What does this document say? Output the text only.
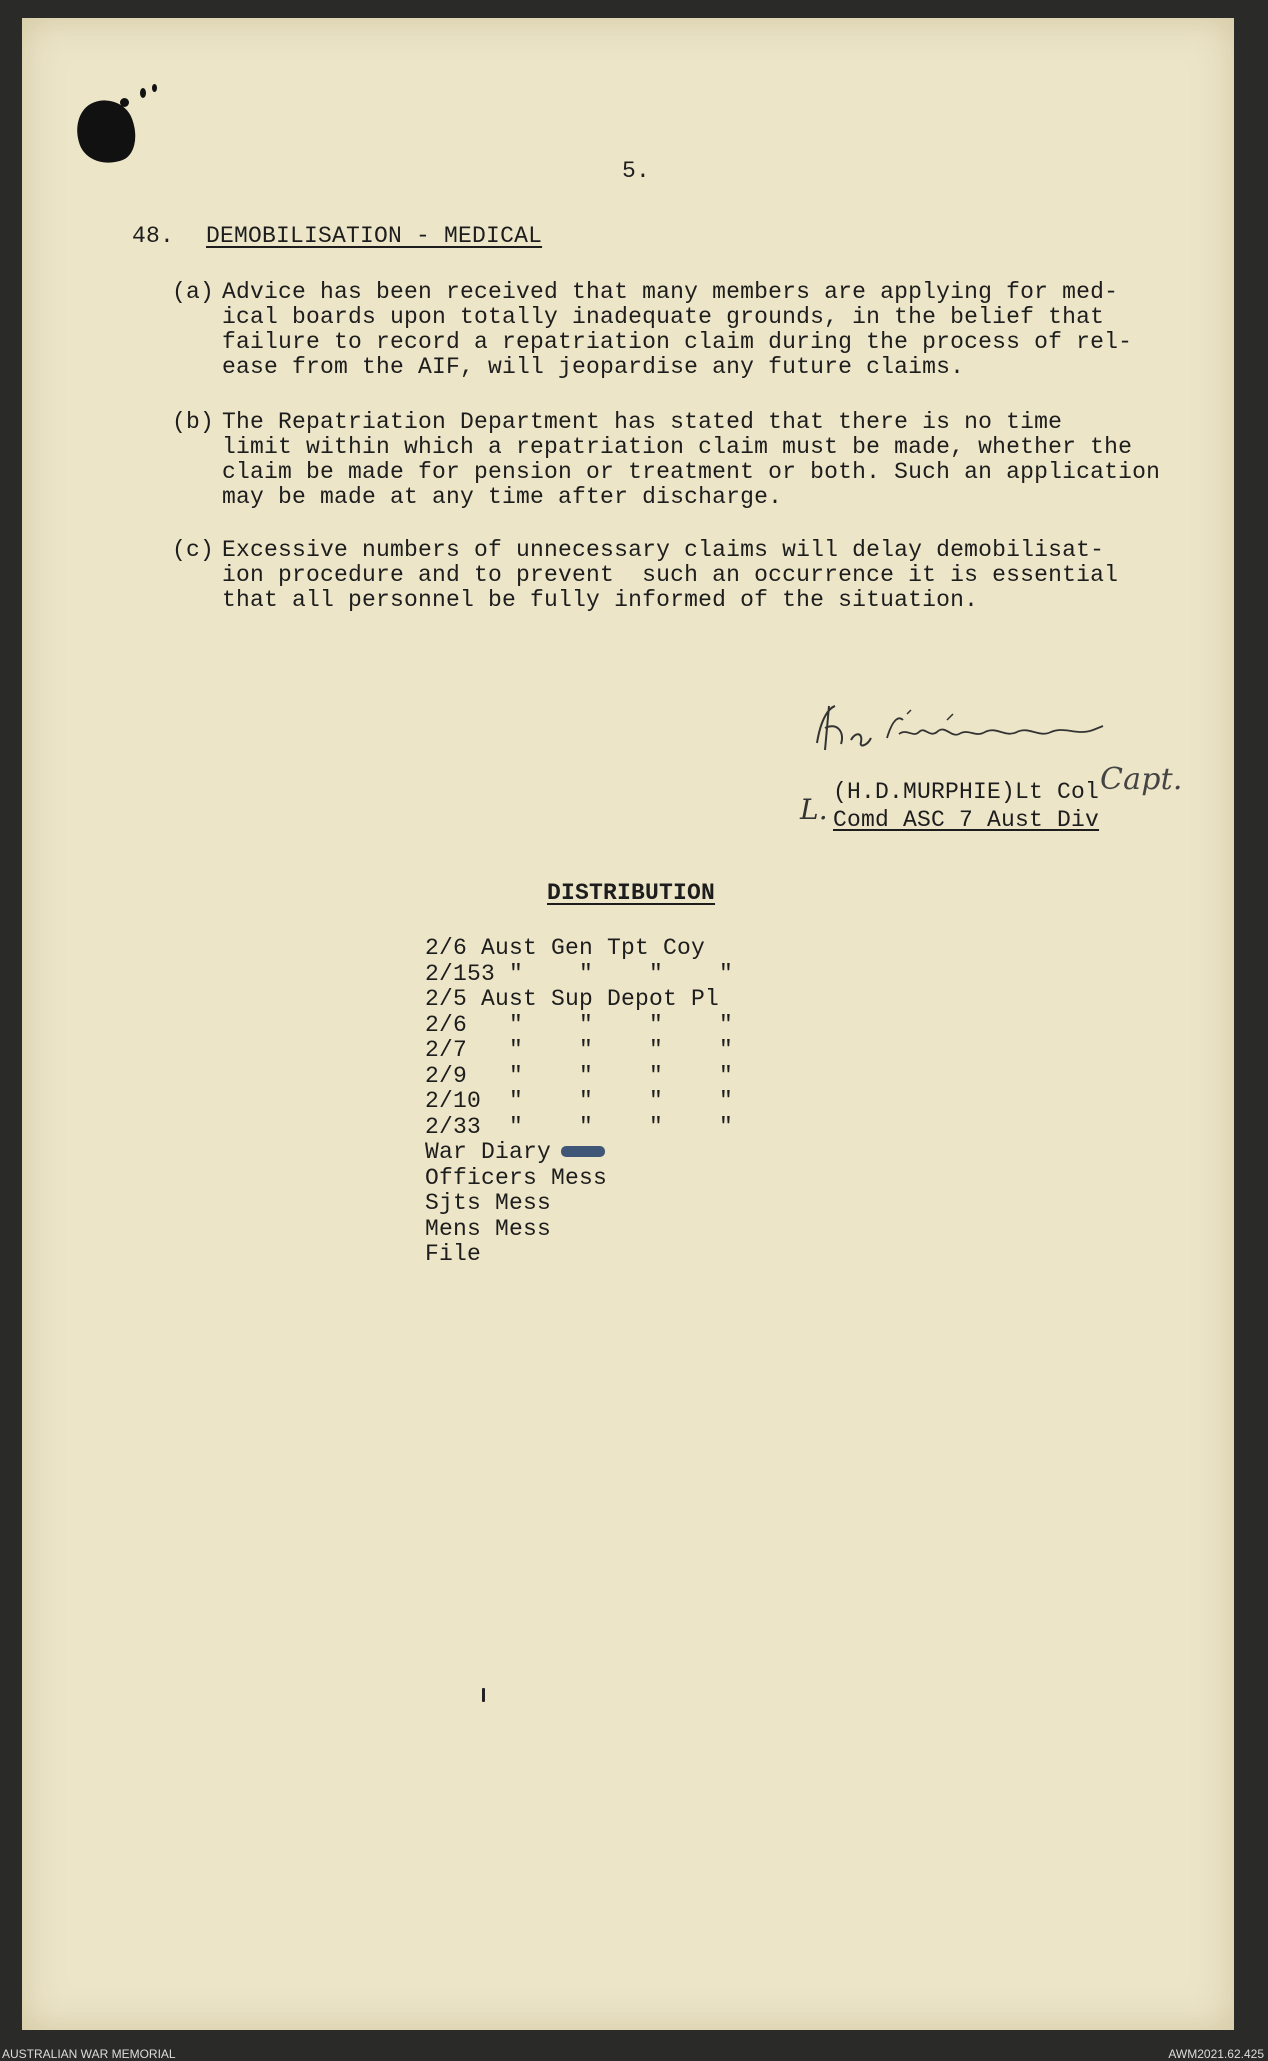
5.
48. DEMOBILISATION - MEDICAL

(a)

Advice has been received that many members are applying for med-
ical boards upon totally inadequate grounds, in the belief that
failure to record a repatriation claim during the process of rel-
ease from the AIF, will jeopardise any future claims.

(b)

The Repatriation Department has stated that there is no time
limit within which a repatriation claim must be made, whether the
claim be made for pension or treatment or both. Such an application
may be made at any time after discharge.

(c)

Excessive numbers of unnecessary claims will delay demobilisat-
ion procedure and to prevent  such an occurrence it is essential
that all personnel be fully informed of the situation.

L.
Capt.
(H.D.MURPHIE)Lt Col
Comd ASC 7 Aust Div
DISTRIBUTION
2/6 Aust Gen Tpt Coy
2/153 "    "    "    "
2/5 Aust Sup Depot Pl
2/6   "    "    "    "
2/7   "    "    "    "
2/9   "    "    "    "
2/10  "    "    "    "
2/33  "    "    "    "
War Diary
Officers Mess
Sjts Mess
Mens Mess
File
AUSTRALIAN WAR MEMORIAL	AWM2021.62.425
